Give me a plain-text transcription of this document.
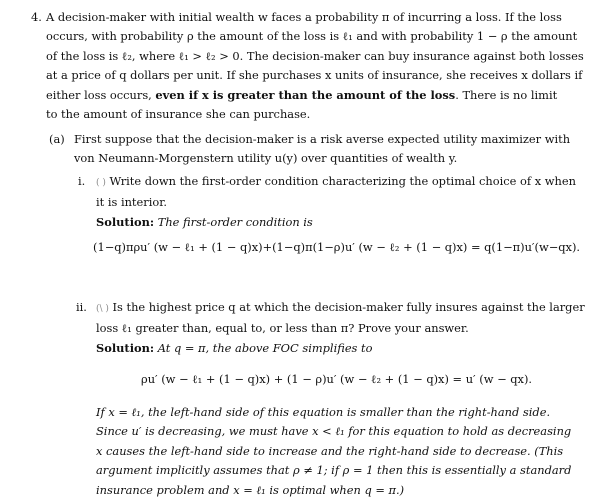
4. A decision-maker with initial wealth w faces a probability π of incurring a loss. If the loss
occurs, with probability ρ the amount of the loss is ℓ₁ and with probability 1 − ρ the amount
of the loss is ℓ₂, where ℓ₁ > ℓ₂ > 0. The decision-maker can buy insurance against both losses
at a price of q dollars per unit. If she purchases x units of insurance, she receives x dollars if
either loss occurs, even if x is greater than the amount of the loss. There is no limit
to the amount of insurance she can purchase.
(a) First suppose that the decision-maker is a risk averse expected utility maximizer with
von Neumann-Morgenstern utility u(y) over quantities of wealth y.
i. ( ) Write down the first-order condition characterizing the optimal choice of x when
it is interior.
Solution: The first-order condition is
(1−q)πρu′ (w − ℓ₁ + (1 − q)x)+(1−q)π(1−ρ)u′ (w − ℓ₂ + (1 − q)x) = q(1−π)u′(w−qx).
ii. (\ ) Is the highest price q at which the decision-maker fully insures against the larger
loss ℓ₁ greater than, equal to, or less than π? Prove your answer.
Solution: At q = π, the above FOC simplifies to
ρu′ (w − ℓ₁ + (1 − q)x) + (1 − ρ)u′ (w − ℓ₂ + (1 − q)x) = u′ (w − qx).
If x = ℓ₁, the left-hand side of this equation is smaller than the right-hand side.
Since u′ is decreasing, we must have x < ℓ₁ for this equation to hold as decreasing
x causes the left-hand side to increase and the right-hand side to decrease. (This
argument implicitly assumes that ρ ≠ 1; if ρ = 1 then this is essentially a standard
insurance problem and x = ℓ₁ is optimal when q = π.)
